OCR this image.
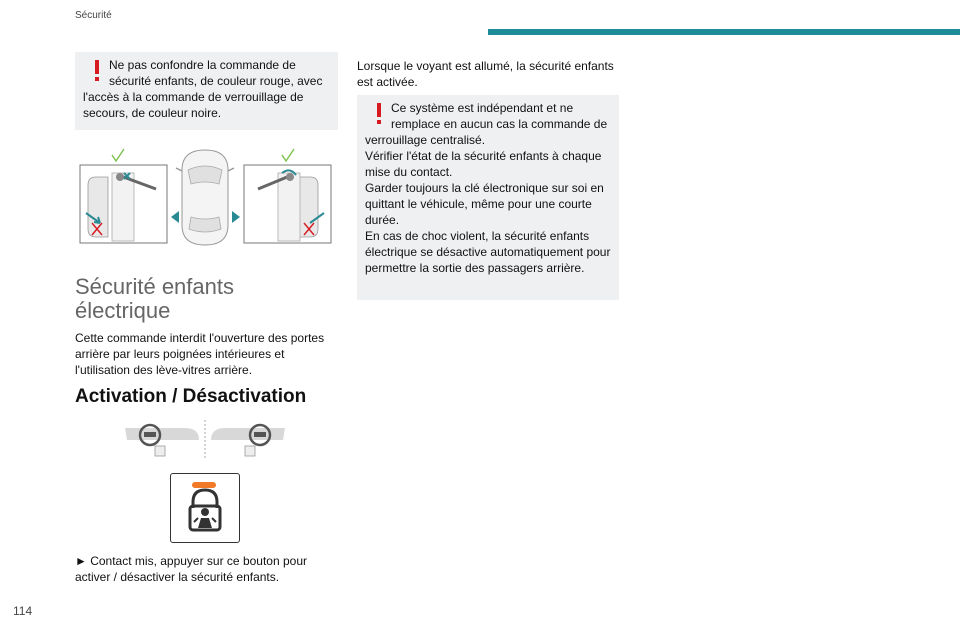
Sécurité

Ne pas confondre la commande de sécurité enfants, de couleur rouge, avec l'accès à la commande de verrouillage de secours, de couleur noire.

Sécurité enfants électrique
Cette commande interdit l'ouverture des portes arrière par leurs poignées intérieures et l'utilisation des lève-vitres arrière.
Activation / Désactivation
► Contact mis, appuyer sur ce bouton pour activer / désactiver la sécurité enfants.
Lorsque le voyant est allumé, la sécurité enfants est activée.

Ce système est indépendant et ne remplace en aucun cas la commande de verrouillage centralisé.

Vérifier l'état de la sécurité enfants à chaque mise du contact.

Garder toujours la clé électronique sur soi en quittant le véhicule, même pour une courte durée.

En cas de choc violent, la sécurité enfants électrique se désactive automatiquement pour permettre la sortie des passagers arrière.

114
